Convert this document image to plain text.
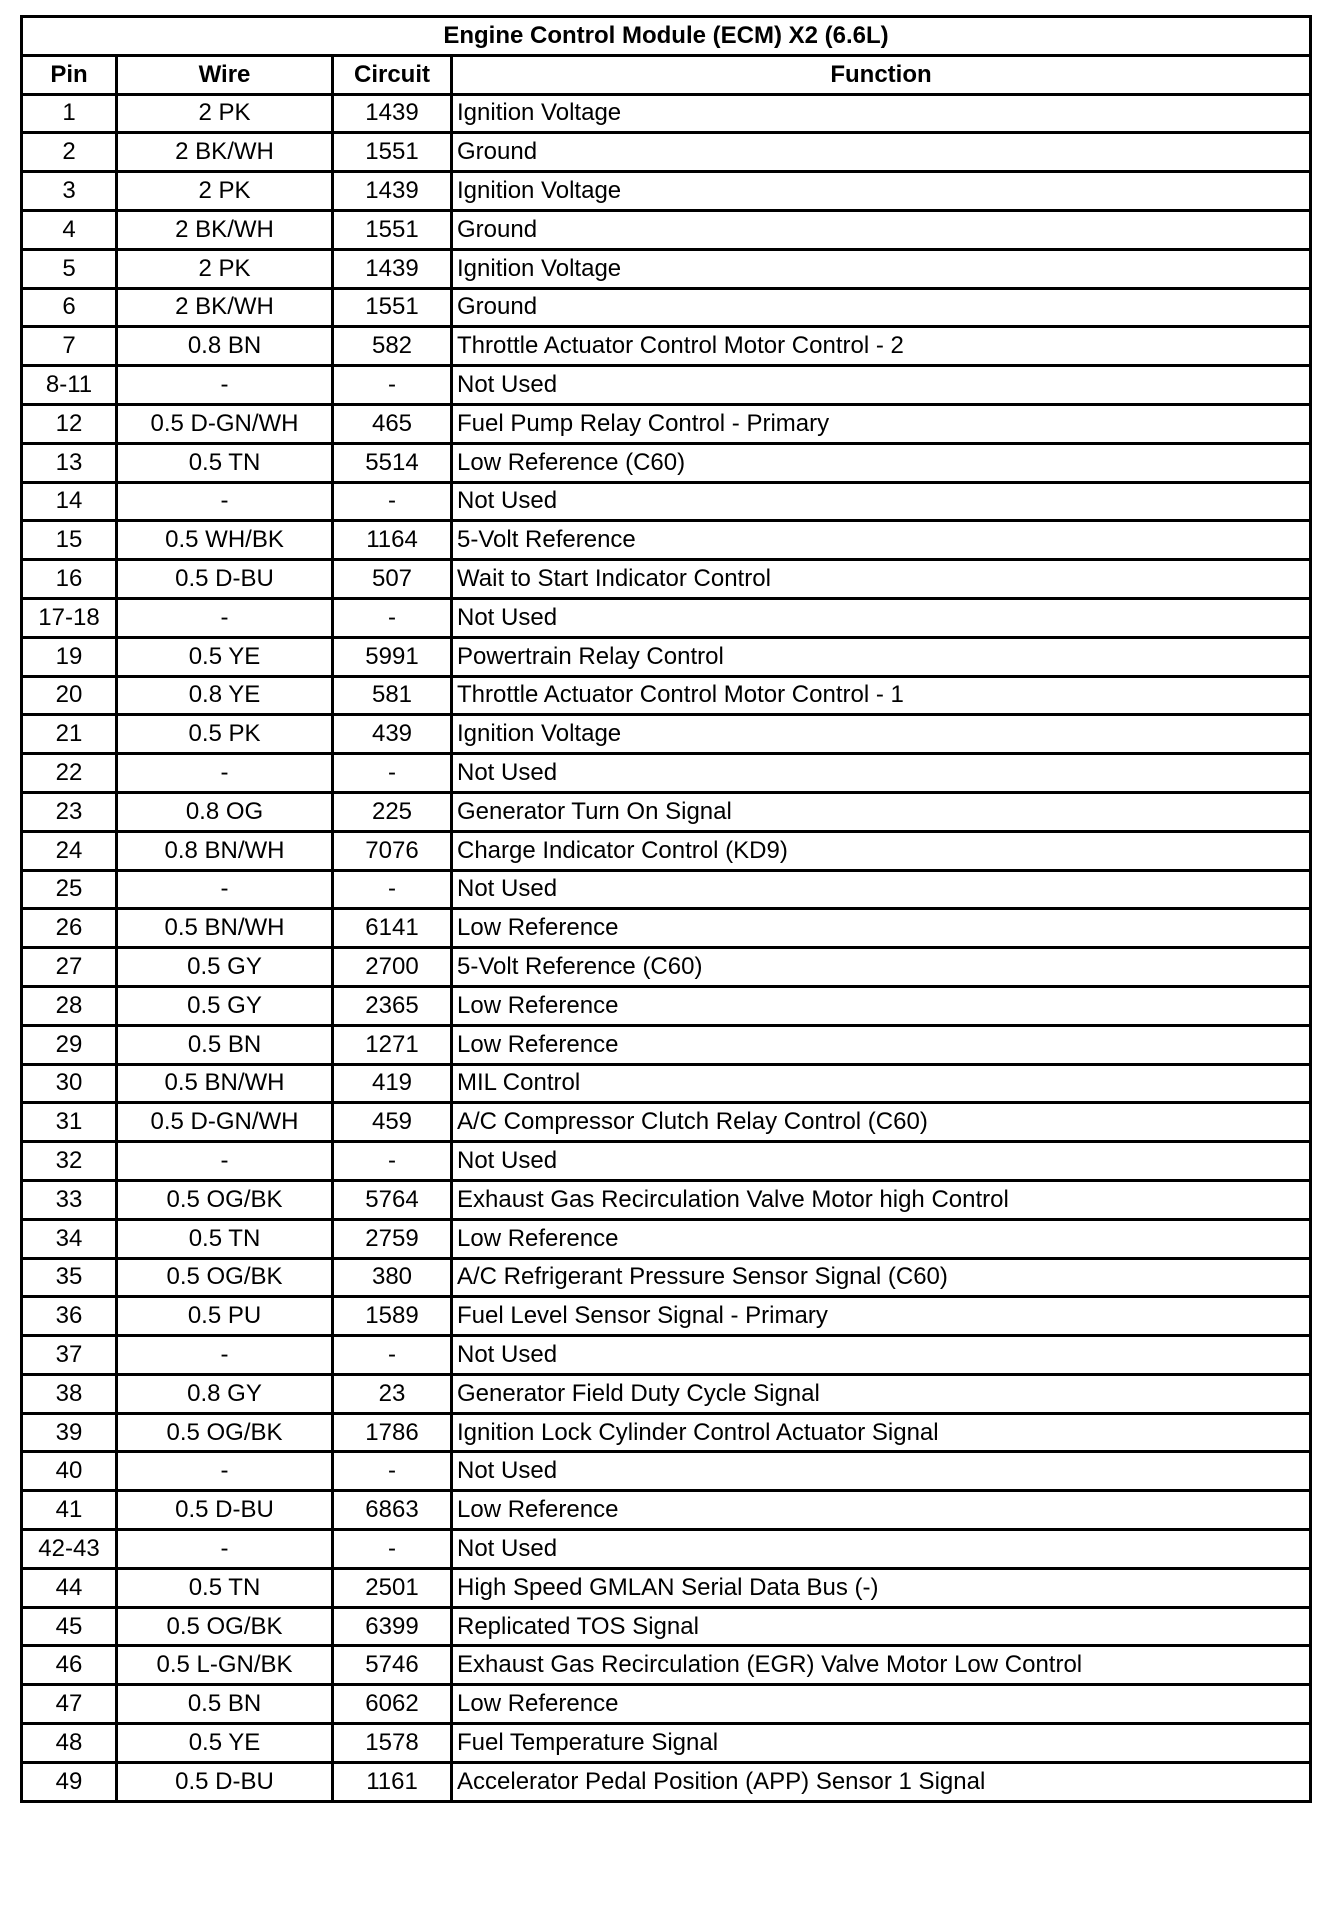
Engine Control Module (ECM) X2 (6.6L)			
Pin	Wire	Circuit	Function
1	2 PK	1439	Ignition Voltage
2	2 BK/WH	1551	Ground
3	2 PK	1439	Ignition Voltage
4	2 BK/WH	1551	Ground
5	2 PK	1439	Ignition Voltage
6	2 BK/WH	1551	Ground
7	0.8 BN	582	Throttle Actuator Control Motor Control - 2
8-11	-	-	Not Used
12	0.5 D-GN/WH	465	Fuel Pump Relay Control - Primary
13	0.5 TN	5514	Low Reference (C60)
14	-	-	Not Used
15	0.5 WH/BK	1164	5-Volt Reference
16	0.5 D-BU	507	Wait to Start Indicator Control
17-18	-	-	Not Used
19	0.5 YE	5991	Powertrain Relay Control
20	0.8 YE	581	Throttle Actuator Control Motor Control - 1
21	0.5 PK	439	Ignition Voltage
22	-	-	Not Used
23	0.8 OG	225	Generator Turn On Signal
24	0.8 BN/WH	7076	Charge Indicator Control (KD9)
25	-	-	Not Used
26	0.5 BN/WH	6141	Low Reference
27	0.5 GY	2700	5-Volt Reference (C60)
28	0.5 GY	2365	Low Reference
29	0.5 BN	1271	Low Reference
30	0.5 BN/WH	419	MIL Control
31	0.5 D-GN/WH	459	A/C Compressor Clutch Relay Control (C60)
32	-	-	Not Used
33	0.5 OG/BK	5764	Exhaust Gas Recirculation Valve Motor high Control
34	0.5 TN	2759	Low Reference
35	0.5 OG/BK	380	A/C Refrigerant Pressure Sensor Signal (C60)
36	0.5 PU	1589	Fuel Level Sensor Signal - Primary
37	-	-	Not Used
38	0.8 GY	23	Generator Field Duty Cycle Signal
39	0.5 OG/BK	1786	Ignition Lock Cylinder Control Actuator Signal
40	-	-	Not Used
41	0.5 D-BU	6863	Low Reference
42-43	-	-	Not Used
44	0.5 TN	2501	High Speed GMLAN Serial Data Bus (-)
45	0.5 OG/BK	6399	Replicated TOS Signal
46	0.5 L-GN/BK	5746	Exhaust Gas Recirculation (EGR) Valve Motor Low Control
47	0.5 BN	6062	Low Reference
48	0.5 YE	1578	Fuel Temperature Signal
49	0.5 D-BU	1161	Accelerator Pedal Position (APP) Sensor 1 Signal
